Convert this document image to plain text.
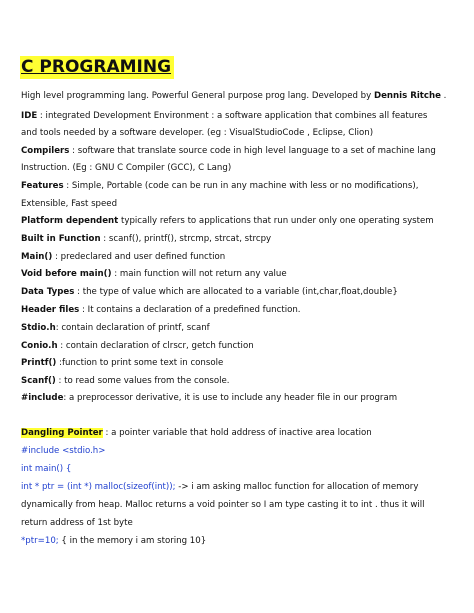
C PROGRAMING
High level programming lang. Powerful General purpose prog lang. Developed by Dennis Ritche .
IDE : integrated Development Environment : a software application that combines all features
and tools needed by a software developer. (eg : VisualStudioCode , Eclipse, Clion)
Compilers : software that translate source code in high level language to a set of machine lang
Instruction. (Eg : GNU C Compiler (GCC), C Lang)
Features : Simple, Portable (code can be run in any machine with less or no modifications),
Extensible, Fast speed
Platform dependent typically refers to applications that run under only one operating system
Built in Function : scanf(), printf(), strcmp, strcat, strcpy
Main() : predeclared and user defined function
Void before main() : main function will not return any value
Data Types : the type of value which are allocated to a variable (int,char,float,double}
Header files : It contains a declaration of a predefined function.
Stdio.h: contain declaration of printf, scanf
Conio.h : contain declaration of clrscr, getch function
Printf() :function to print some text in console
Scanf() : to read some values from the console.
#include: a preprocessor derivative, it is use to include any header file in our program
Dangling Pointer : a pointer variable that hold address of inactive area location
#include <stdio.h>
int main() {
int * ptr = (int *) malloc(sizeof(int)); -> i am asking malloc function for allocation of memory
dynamically from heap. Malloc returns a void pointer so I am type casting it to int . thus it will
return address of 1st byte
*ptr=10; { in the memory i am storing 10}
